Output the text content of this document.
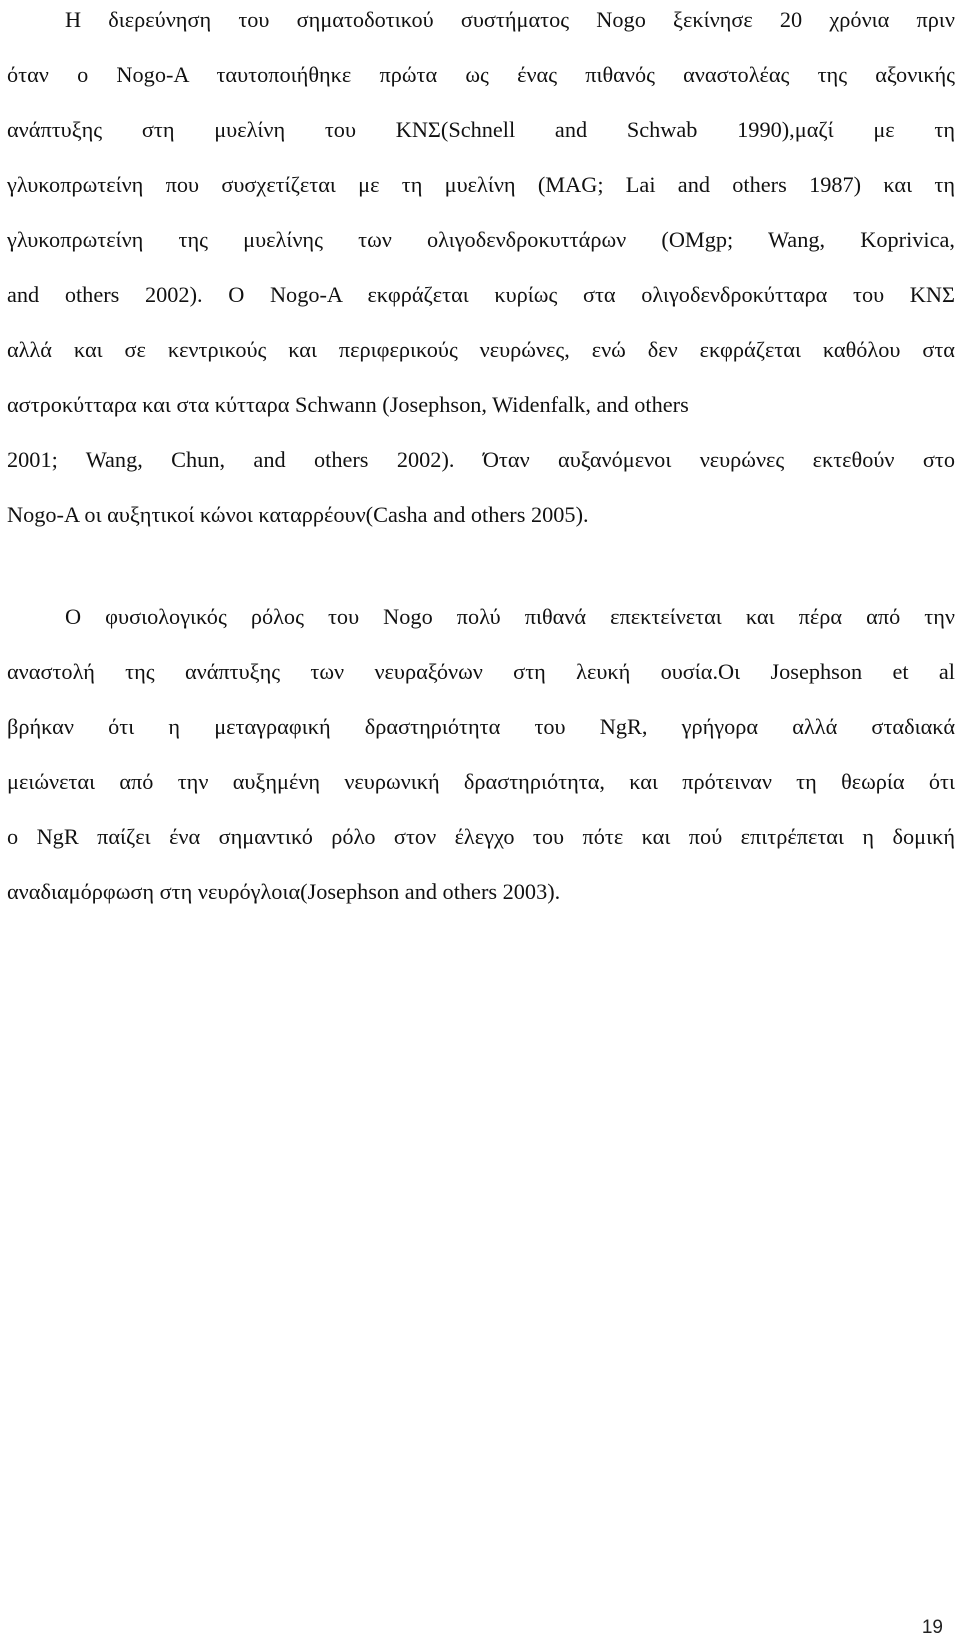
Η διερεύνηση του σηματοδοτικού συστήματος Nogo ξεκίνησε 20 χρόνια πριν
όταν ο Nogo-A ταυτοποιήθηκε πρώτα ως ένας πιθανός αναστολέας της αξονικής
ανάπτυξης στη μυελίνη του ΚΝΣ(Schnell and Schwab 1990),μαζί με τη
γλυκοπρωτείνη που συσχετίζεται με τη μυελίνη (MAG; Lai and others 1987) και τη
γλυκοπρωτείνη της μυελίνης των ολιγοδενδροκυττάρων (OMgp; Wang, Koprivica,
and others 2002). Ο Nogo-A εκφράζεται κυρίως στα ολιγοδενδροκύτταρα του ΚΝΣ
αλλά και σε κεντρικούς και περιφερικούς νευρώνες, ενώ δεν εκφράζεται καθόλου στα
αστροκύτταρα και στα κύτταρα Schwann (Josephson, Widenfalk, and others
2001; Wang, Chun, and others 2002). Όταν αυξανόμενοι νευρώνες εκτεθούν στο
Nogo-A οι αυξητικοί κώνοι καταρρέουν(Casha and others 2005).
Ο φυσιολογικός ρόλος του Nogo πολύ πιθανά επεκτείνεται και πέρα από την
αναστολή της ανάπτυξης των νευραξόνων στη λευκή ουσία.Οι Josephson et al
βρήκαν ότι η μεταγραφική δραστηριότητα του NgR, γρήγορα αλλά σταδιακά
μειώνεται από την αυξημένη νευρωνική δραστηριότητα, και πρότειναν τη θεωρία ότι
ο NgR παίζει ένα σημαντικό ρόλο στον έλεγχο του πότε και πού επιτρέπεται η δομική
αναδιαμόρφωση στη νευρόγλοια(Josephson and others 2003).
19
